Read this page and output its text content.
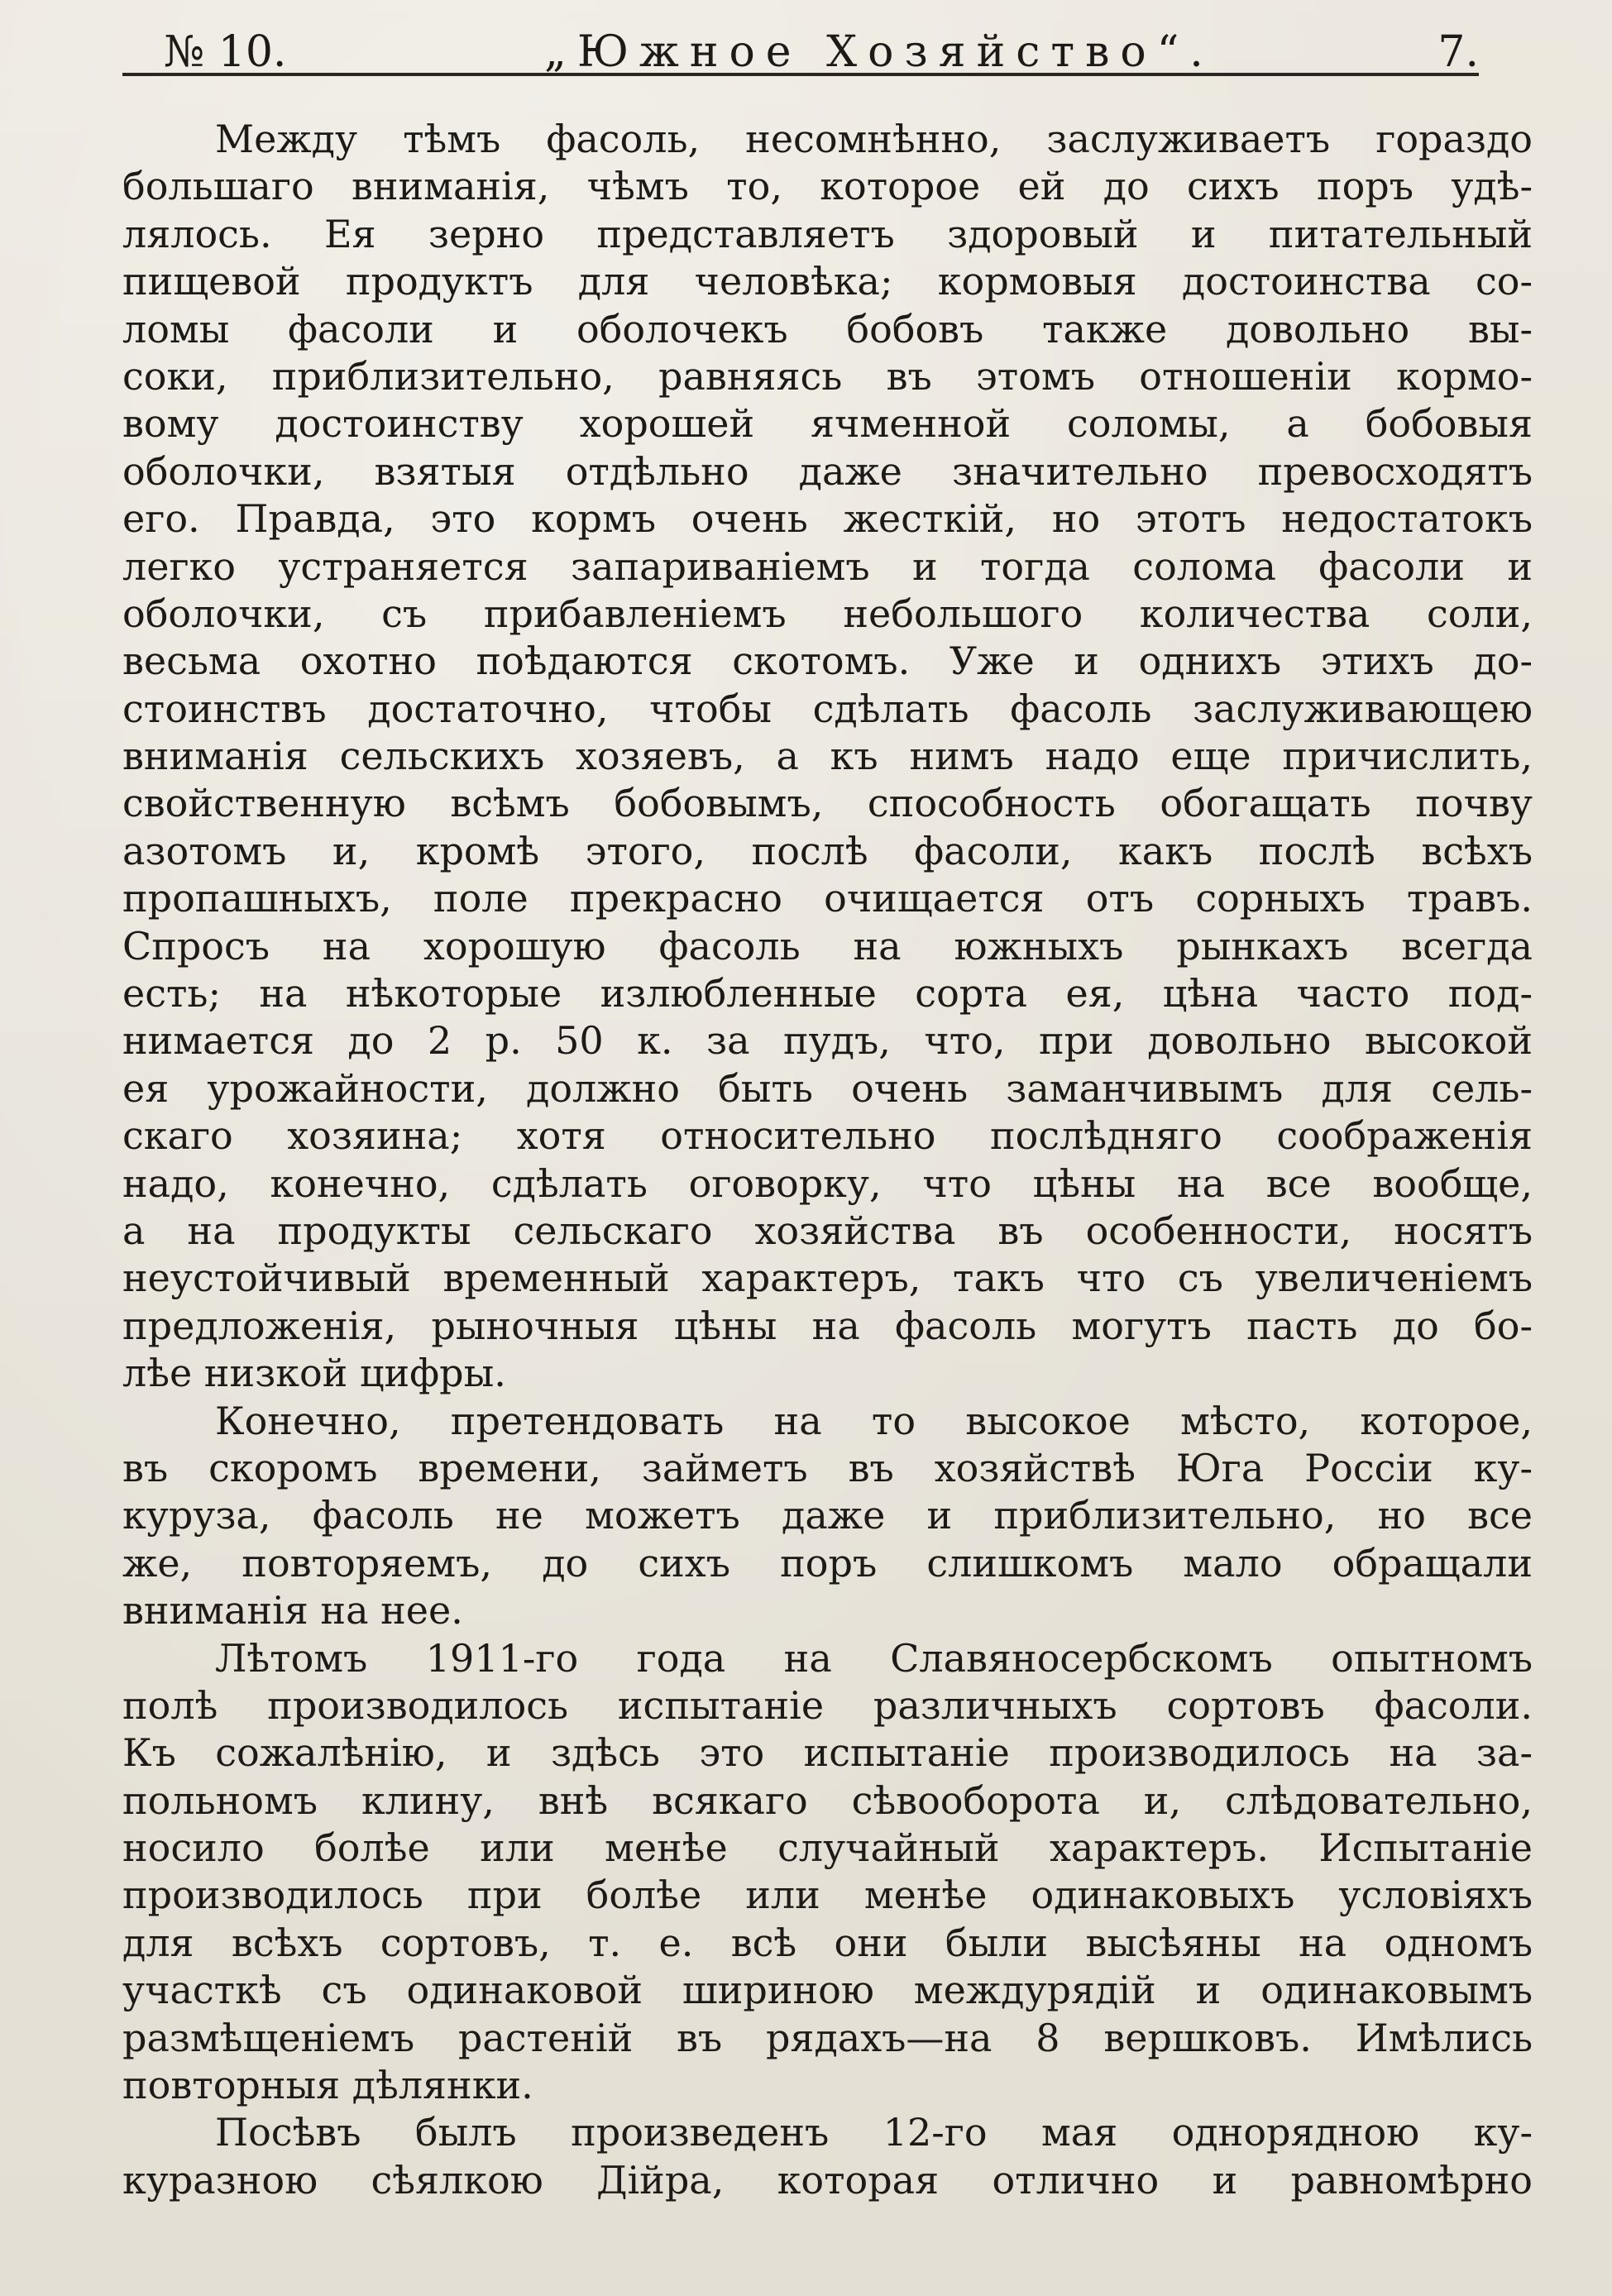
№ 10.	„Южное Хозяйство“.	7.
Между тѣмъ фасоль, несомнѣнно, заслуживаетъ гораздо
большаго вниманія, чѣмъ то, которое ей до сихъ поръ удѣ-
лялось. Ея зерно представляетъ здоровый и питательный
пищевой продуктъ для человѣка; кормовыя достоинства со-
ломы фасоли и оболочекъ бобовъ также довольно вы-
соки, приблизительно, равняясь въ этомъ отношеніи кормо-
вому достоинству хорошей ячменной соломы, а бобовыя
оболочки, взятыя отдѣльно даже значительно превосходятъ
его. Правда, это кормъ очень жесткій, но этотъ недостатокъ
легко устраняется запариваніемъ и тогда солома фасоли и
оболочки, съ прибавленіемъ небольшого количества соли,
весьма охотно поѣдаются скотомъ. Уже и однихъ этихъ до-
стоинствъ достаточно, чтобы сдѣлать фасоль заслуживающею
вниманія сельскихъ хозяевъ, а къ нимъ надо еще причислить,
свойственную всѣмъ бобовымъ, способность обогащать почву
азотомъ и, кромѣ этого, послѣ фасоли, какъ послѣ всѣхъ
пропашныхъ, поле прекрасно очищается отъ сорныхъ травъ.
Спросъ на хорошую фасоль на южныхъ рынкахъ всегда
есть; на нѣкоторые излюбленные сорта ея, цѣна часто под-
нимается до 2 р. 50 к. за пудъ, что, при довольно высокой
ея урожайности, должно быть очень заманчивымъ для сель-
скаго хозяина; хотя относительно послѣдняго соображенія
надо, конечно, сдѣлать оговорку, что цѣны на все вообще,
а на продукты сельскаго хозяйства въ особенности, носятъ
неустойчивый временный характеръ, такъ что съ увеличеніемъ
предложенія, рыночныя цѣны на фасоль могутъ пасть до бо-
лѣе низкой цифры.
Конечно, претендовать на то высокое мѣсто, которое,
въ скоромъ времени, займетъ въ хозяйствѣ Юга Россіи ку-
куруза, фасоль не можетъ даже и приблизительно, но все
же, повторяемъ, до сихъ поръ слишкомъ мало обращали
вниманія на нее.
Лѣтомъ 1911-го года на Славяносербскомъ опытномъ
полѣ производилось испытаніе различныхъ сортовъ фасоли.
Къ сожалѣнію, и здѣсь это испытаніе производилось на за-
польномъ клину, внѣ всякаго сѣвооборота и, слѣдовательно,
носило болѣе или менѣе случайный характеръ. Испытаніе
производилось при болѣе или менѣе одинаковыхъ условіяхъ
для всѣхъ сортовъ, т. е. всѣ они были высѣяны на одномъ
участкѣ съ одинаковой шириною междурядій и одинаковымъ
размѣщеніемъ растеній въ рядахъ—на 8 вершковъ. Имѣлись
повторныя дѣлянки.
Посѣвъ былъ произведенъ 12-го мая однорядною ку-
куразною сѣялкою Дійра, которая отлично и равномѣрно
